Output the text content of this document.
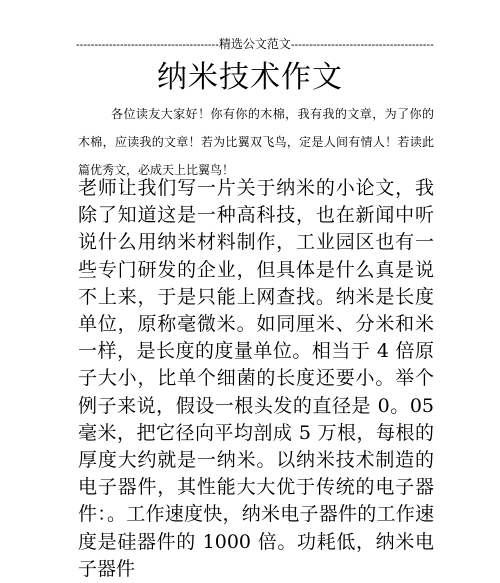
---------------------------------------精选公文范文---------------------------------------
纳米技术作文
各位读友大家好！你有你的木棉，我有我的文章，为了你的木棉，应读我的文章！若为比翼双飞鸟，定是人间有情人！若读此篇优秀文，必成天上比翼鸟！
老师让我们写一片关于纳米的小论文，我除了知道这是一种高科技，也在新闻中听说什么用纳米材料制作，工业园区也有一些专门研发的企业，但具体是什么真是说不上来，于是只能上网查找。纳米是长度单位，原称毫微米。如同厘米、分米和米一样，是长度的度量单位。相当于 4 倍原子大小，比单个细菌的长度还要小。举个例子来说，假设一根头发的直径是 0。05 毫米，把它径向平均剖成 5 万根，每根的厚度大约就是一纳米。以纳米技术制造的电子器件，其性能大大优于传统的电子器件：。工作速度快，纳米电子器件的工作速度是硅器件的 1000 倍。功耗低，纳米电子器件
